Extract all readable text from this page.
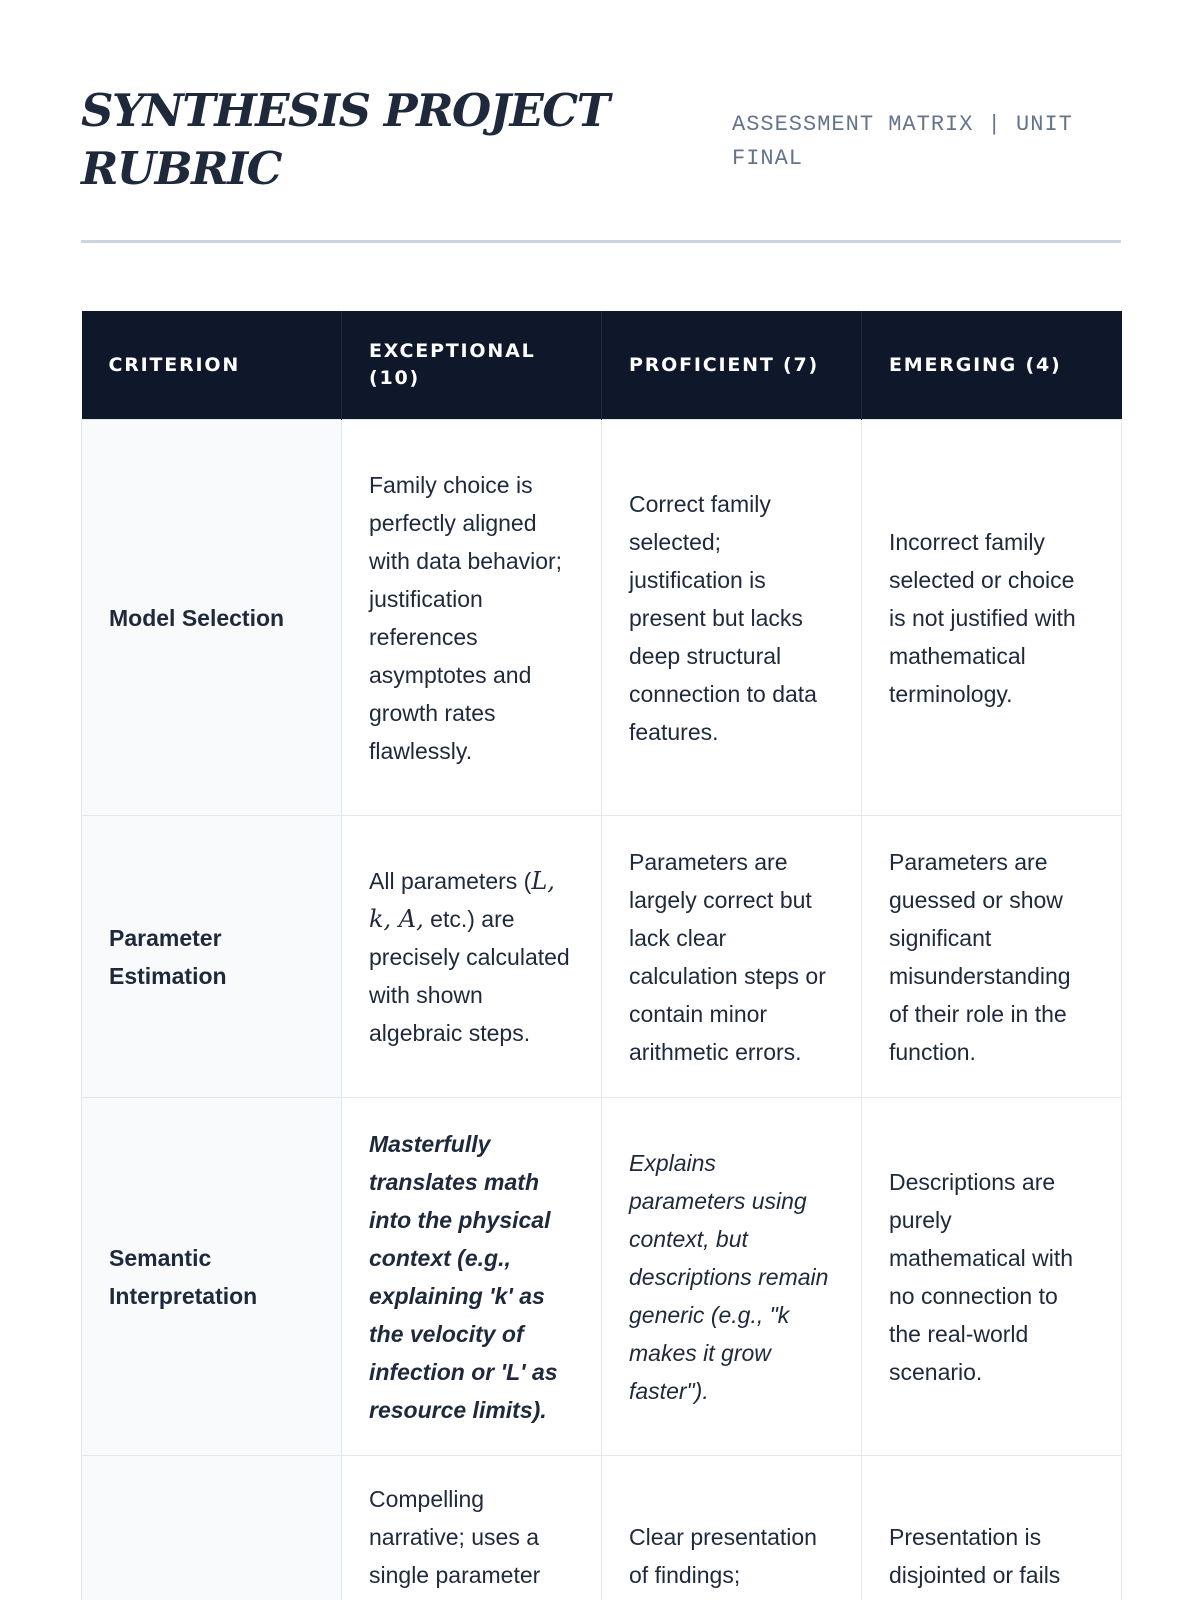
SYNTHESIS PROJECT RUBRIC
ASSESSMENT MATRIX | UNIT FINAL
CRITERION	EXCEPTIONAL (10)	PROFICIENT (7)	EMERGING (4)
Model Selection	Family choice is perfectly aligned with data behavior; justification references asymptotes and growth rates flawlessly.	Correct family selected; justification is present but lacks deep structural connection to data features.	Incorrect family selected or choice is not justified with mathematical terminology.
Parameter Estimation	All parameters (L, k, A, etc.) are precisely calculated with shown algebraic steps.	Parameters are largely correct but lack clear calculation steps or contain minor arithmetic errors.	Parameters are guessed or show significant misunderstanding of their role in the function.
Semantic Interpretation	Masterfully translates math into the physical context (e.g., explaining 'k' as the velocity of infection or 'L' as resource limits).	Explains parameters using context, but descriptions remain generic (e.g., "k makes it grow faster").	Descriptions are purely mathematical with no connection to the real-world scenario.
	Compelling narrative; uses a single parameter	Clear presentation of findings;	Presentation is disjointed or fails
